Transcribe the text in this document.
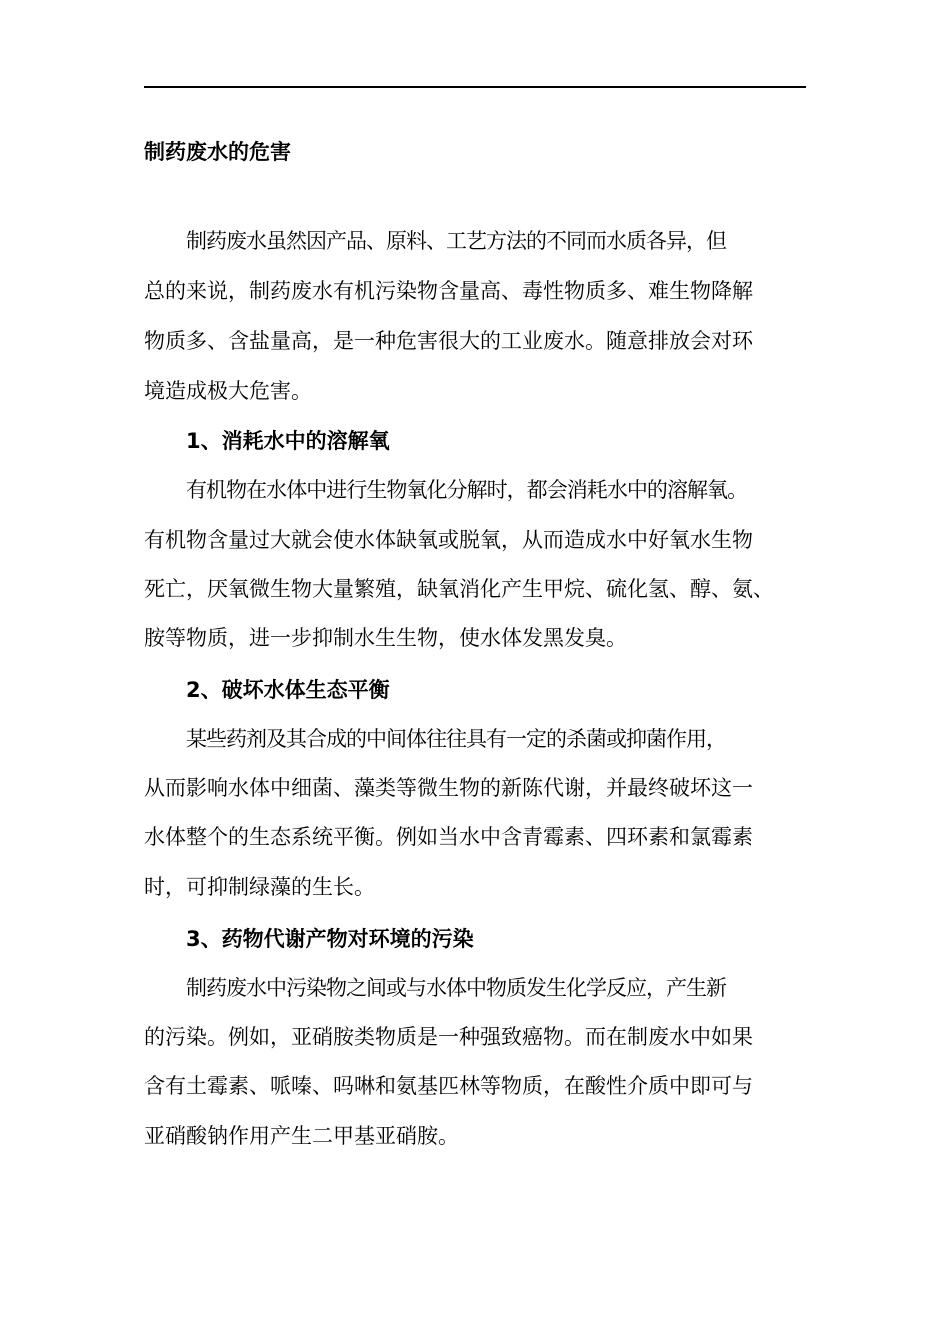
制药废水的危害

制药废水虽然因产品、原料、工艺方法的不同而水质各异，但

总的来说，制药废水有机污染物含量高、毒性物质多、难生物降解

物质多、含盐量高，是一种危害很大的工业废水。随意排放会对环

境造成极大危害。

1、消耗水中的溶解氧

有机物在水体中进行生物氧化分解时，都会消耗水中的溶解氧。

有机物含量过大就会使水体缺氧或脱氧，从而造成水中好氧水生物

死亡，厌氧微生物大量繁殖，缺氧消化产生甲烷、硫化氢、醇、氨、

胺等物质，进一步抑制水生生物，使水体发黑发臭。

2、破坏水体生态平衡

某些药剂及其合成的中间体往往具有一定的杀菌或抑菌作用，

从而影响水体中细菌、藻类等微生物的新陈代谢，并最终破坏这一

水体整个的生态系统平衡。例如当水中含青霉素、四环素和氯霉素

时，可抑制绿藻的生长。

3、药物代谢产物对环境的污染

制药废水中污染物之间或与水体中物质发生化学反应，产生新

的污染。例如，亚硝胺类物质是一种强致癌物。而在制废水中如果

含有土霉素、哌嗪、吗啉和氨基匹林等物质，在酸性介质中即可与

亚硝酸钠作用产生二甲基亚硝胺。
